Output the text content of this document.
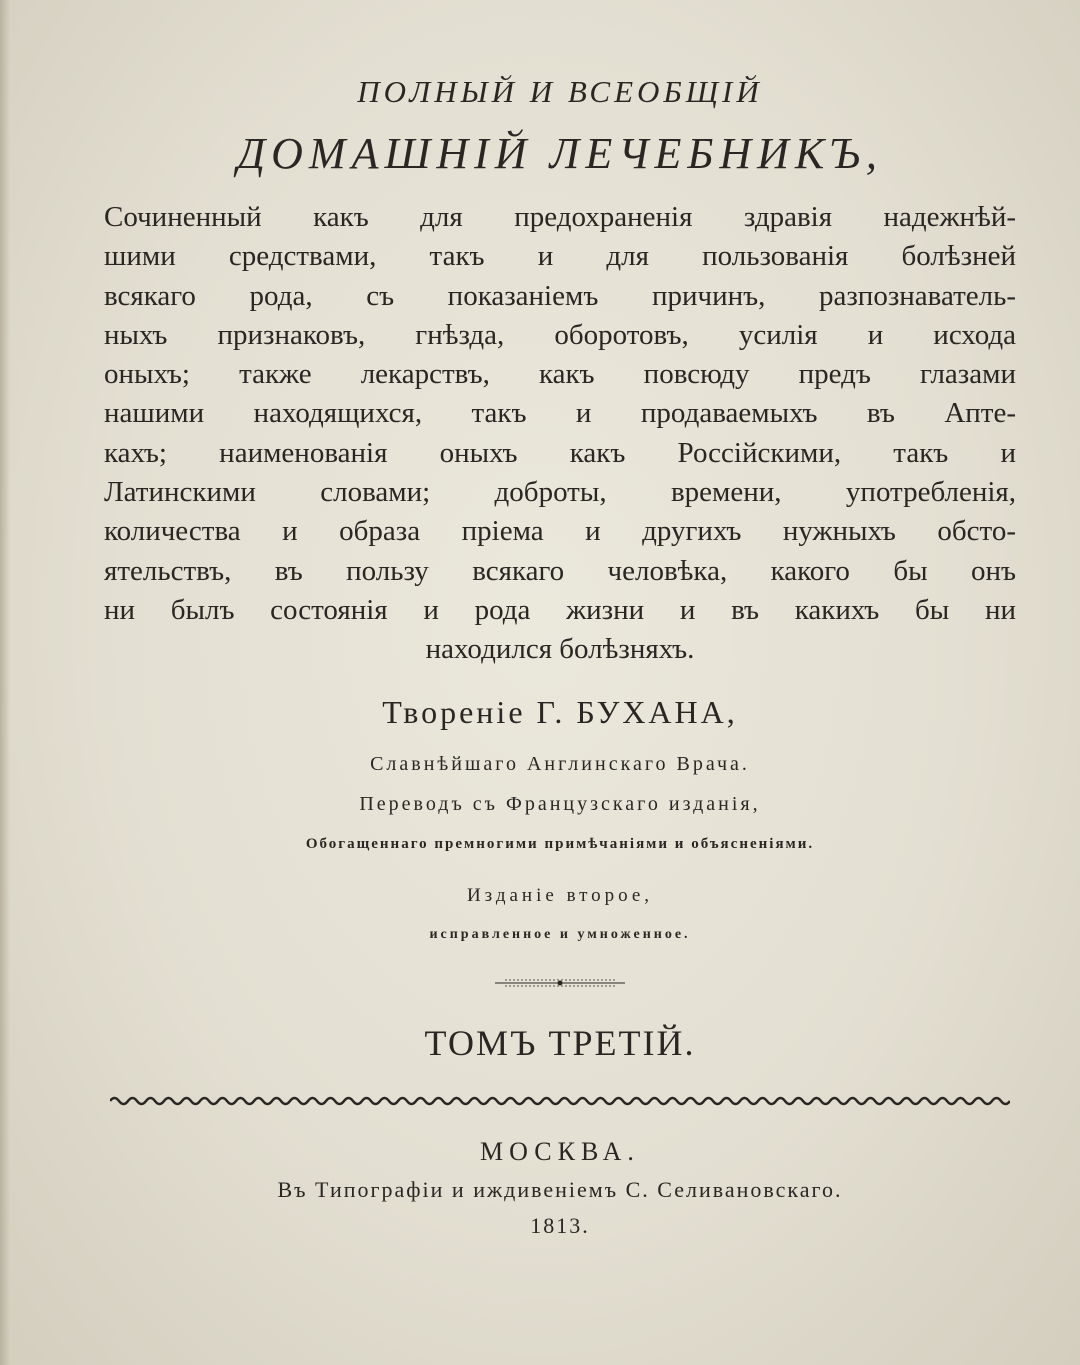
ПОЛНЫЙ И ВСЕОБЩІЙ
ДОМАШНІЙ ЛЕЧЕБНИКЪ,
Сочиненный какъ для предохраненія здравія надежнѣй-
шими средствами, такъ и для пользованія болѣзней
всякаго рода, съ показаніемъ причинъ, разпознаватель-
ныхъ признаковъ, гнѣзда, оборотовъ, усилія и исхода
оныхъ; также лекарствъ, какъ повсюду предъ глазами
нашими находящихся, такъ и продаваемыхъ въ Апте-
кахъ; наименованія оныхъ какъ Россійскими, такъ и
Латинскими словами; доброты, времени, употребленія,
количества и образа пріема и другихъ нужныхъ обсто-
ятельствъ, въ пользу всякаго человѣка, какого бы онъ
ни былъ состоянія и рода жизни и въ какихъ бы ни
находился болѣзняхъ.
Твореніе Г. БУХАНА,
Славнѣйшаго Англинскаго Врача.
Переводъ съ Французскаго изданія,
Обогащеннаго премногими примѣчаніями и объясненіями.
Изданіе второе,
исправленное и умноженное.
ТОМЪ ТРЕТІЙ.
МОСКВА.
Въ Типографіи и иждивеніемъ С. Селивановскаго.
1813.
